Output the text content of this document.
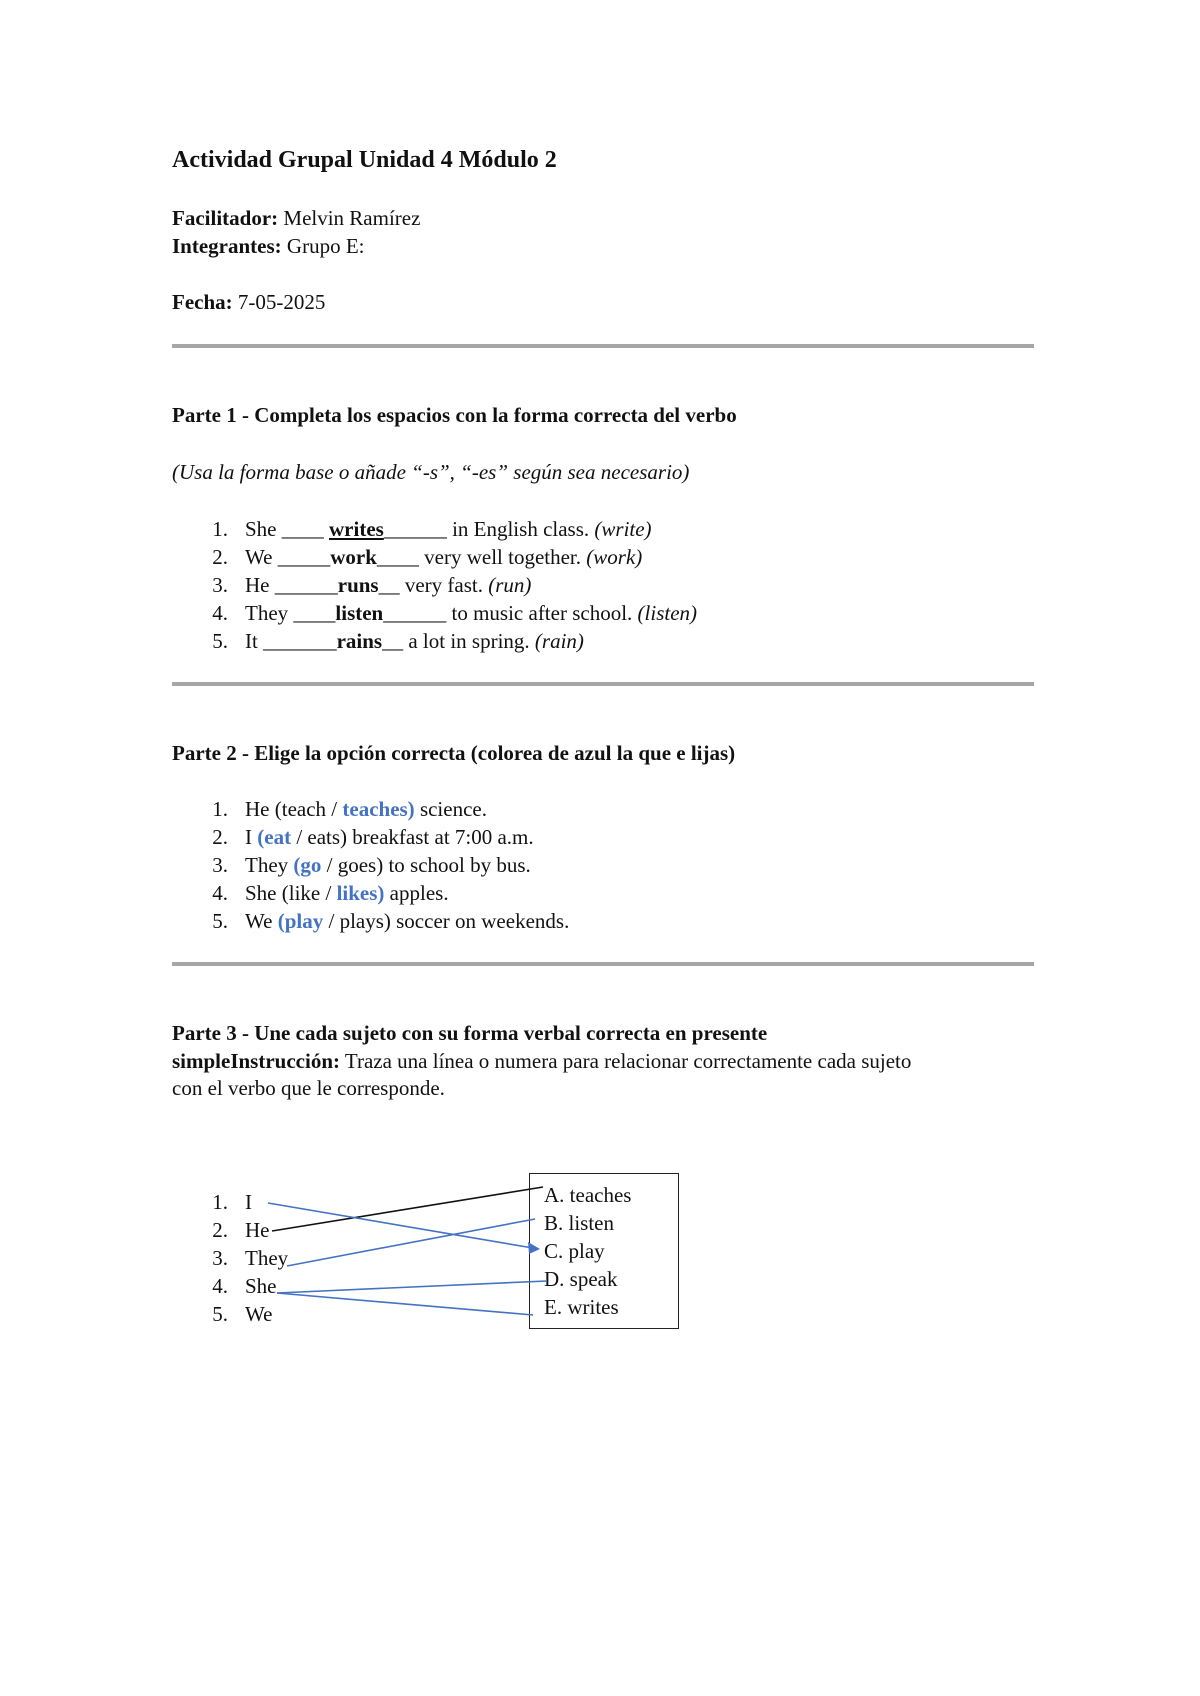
Actividad Grupal Unidad 4 Módulo 2
Facilitador: Melvin Ramírez
Integrantes: Grupo E:
Fecha: 7-05-2025
Parte 1 - Completa los espacios con la forma correcta del verbo
(Usa la forma base o añade “-s”, “-es” según sea necesario)
1. She ____ writes______ in English class. (write)
2. We _____work____ very well together. (work)
3. He ______runs__ very fast. (run)
4. They ____listen______ to music after school. (listen)
5. It _______rains__ a lot in spring. (rain)
Parte 2 - Elige la opción correcta (colorea de azul la que e lijas)
1. He (teach / teaches) science.
2. I (eat / eats) breakfast at 7:00 a.m.
3. They (go / goes) to school by bus.
4. She (like / likes) apples.
5. We (play / plays) soccer on weekends.
Parte 3 - Une cada sujeto con su forma verbal correcta en presente
simpleInstrucción: Traza una línea o numera para relacionar correctamente cada sujeto
con el verbo que le corresponde.
1. I
2. He
3. They
4. She
5. We
A. teaches
B. listen
C. play
D. speak
E. writes
